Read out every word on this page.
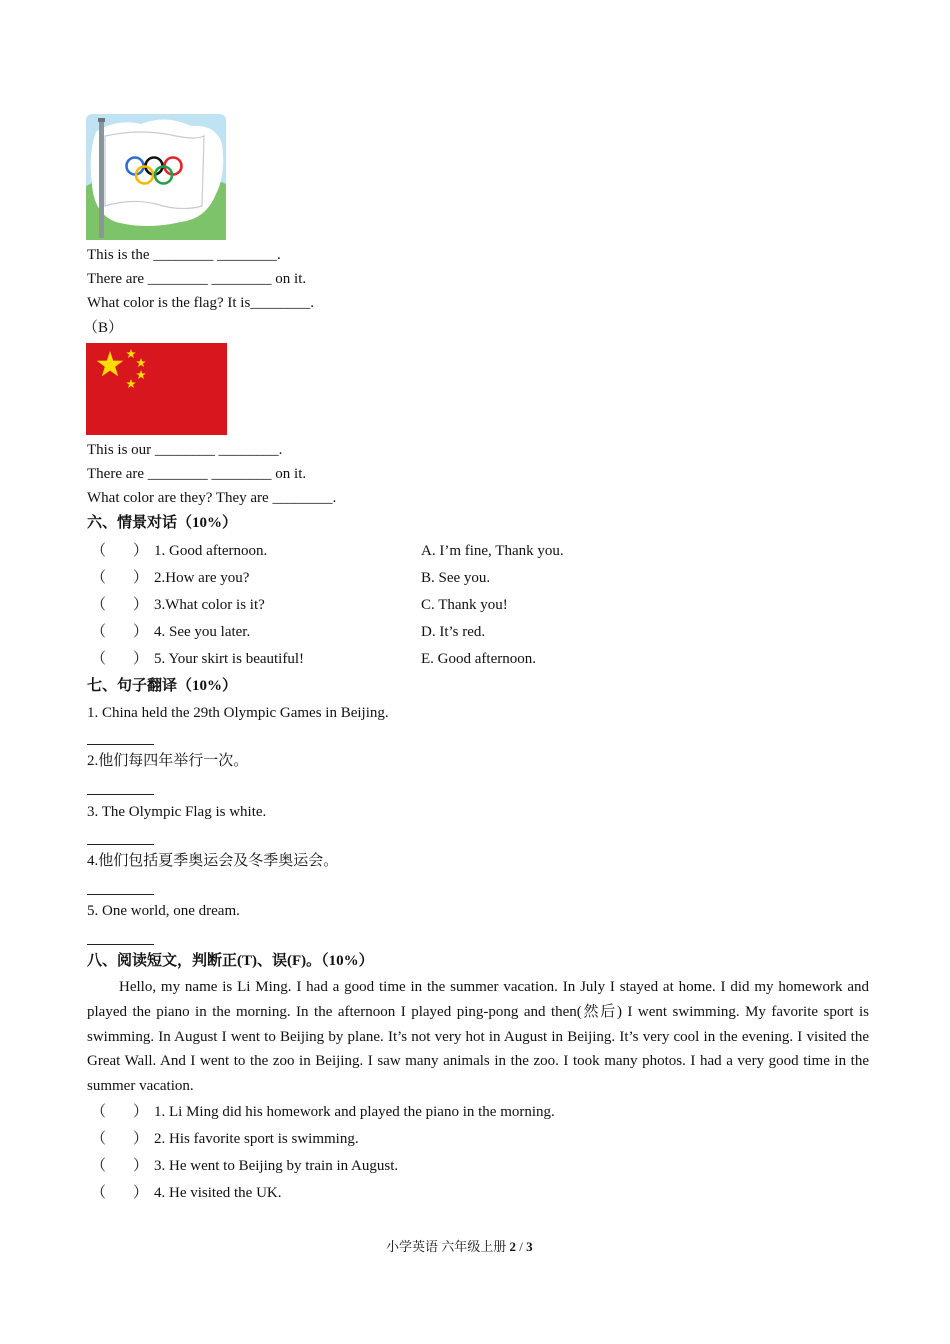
This is the ________ ________.
There are ________ ________ on it.
What color is the flag? It is________.
（B）
This is our ________ ________.
There are ________ ________ on it.
What color are they? They are ________.
六、情景对话（10%）
（ ） 1. Good afternoon.	A. I’m fine, Thank you.
（ ） 2.How are you?	B. See you.
（ ） 3.What color is it?	C. Thank you!
（ ） 4. See you later.	D. It’s red.
（ ） 5. Your skirt is beautiful!	E. Good afternoon.
七、句子翻译（10%）
1. China held the 29th Olympic Games in Beijing.
2.他们每四年举行一次。
3. The Olympic Flag is white.
4.他们包括夏季奥运会及冬季奥运会。
5. One world, one dream.
八、阅读短文，判断正(T)、误(F)。（10%）
Hello, my name is Li Ming. I had a good time in the summer vacation. In July I stayed at home. I did my homework and played the piano in the morning. In the afternoon I played ping-pong and then(然后) I went swimming. My favorite sport is swimming. In August I went to Beijing by plane. It’s not very hot in August in Beijing. It’s very cool in the evening. I visited the Great Wall. And I went to the zoo in Beijing. I saw many animals in the zoo. I took many photos. I had a very good time in the summer vacation.
（ ） 1. Li Ming did his homework and played the piano in the morning.
（ ） 2. His favorite sport is swimming.
（ ） 3. He went to Beijing by train in August.
（ ） 4. He visited the UK.
小学英语 六年级上册 2 / 3
